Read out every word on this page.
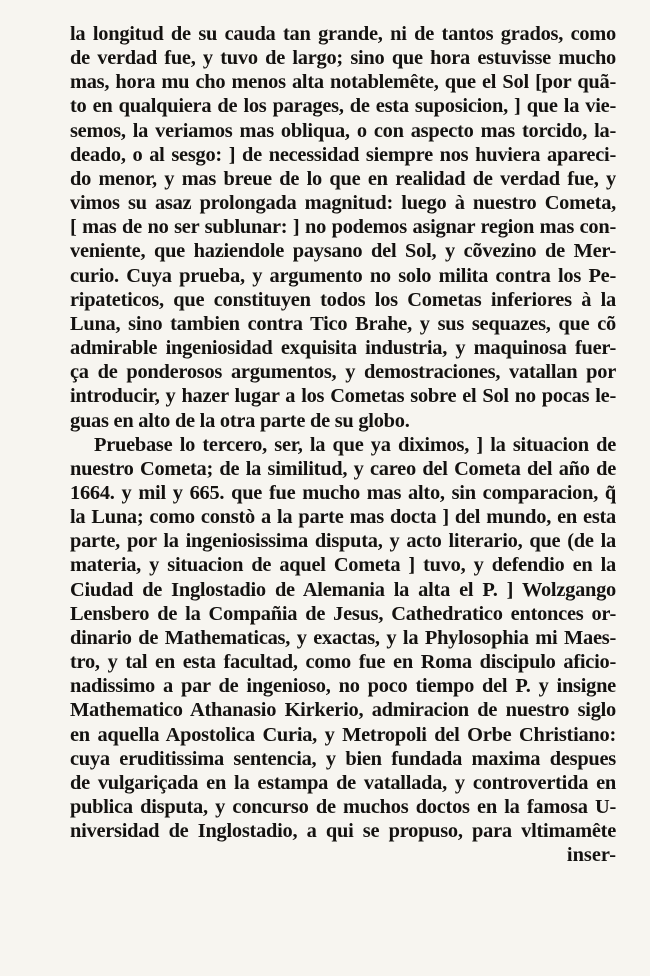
la longitud de su cauda tan grande, ni de tantos grados, como
de verdad fue, y tuvo de largo; sino que hora estuvisse mucho
mas, hora mu cho menos alta notablemête, que el Sol [por quã-
to en qualquiera de los parages, de esta suposicion, ] que la vie-
semos, la veriamos mas obliqua, o con aspecto mas torcido, la-
deado, o al sesgo: ] de necessidad siempre nos huviera apareci-
do menor, y mas breue de lo que en realidad de verdad fue, y
vimos su asaz prolongada magnitud: luego à nuestro Cometa,
[ mas de no ser sublunar: ] no podemos asignar region mas con-
veniente, que haziendole paysano del Sol, y cõvezino de Mer-
curio. Cuya prueba, y argumento no solo milita contra los Pe-
ripateticos, que constituyen todos los Cometas inferiores à la
Luna, sino tambien contra Tico Brahe, y sus sequazes, que cõ
admirable ingeniosidad exquisita industria, y maquinosa fuer-
ça de ponderosos argumentos, y demostraciones, vatallan por
introducir, y hazer lugar a los Cometas sobre el Sol no pocas le-
guas en alto de la otra parte de su globo.
Pruebase lo tercero, ser, la que ya diximos, ] la situacion de
nuestro Cometa; de la similitud, y careo del Cometa del año de
1664. y mil y 665. que fue mucho mas alto, sin comparacion, q̃
la Luna; como constò a la parte mas docta ] del mundo, en esta
parte, por la ingeniosissima disputa, y acto literario, que (de la
materia, y situacion de aquel Cometa ] tuvo, y defendio en la
Ciudad de Inglostadio de Alemania la alta el P. ] Wolzgango
Lensbero de la Compañia de Jesus, Cathedratico entonces or-
dinario de Mathematicas, y exactas, y la Phylosophia mi Maes-
tro, y tal en esta facultad, como fue en Roma discipulo aficio-
nadissimo a par de ingenioso, no poco tiempo del P. y insigne
Mathematico Athanasio Kirkerio, admiracion de nuestro siglo
en aquella Apostolica Curia, y Metropoli del Orbe Christiano:
cuya eruditissima sentencia, y bien fundada maxima despues
de vulgariçada en la estampa de vatallada, y controvertida en
publica disputa, y concurso de muchos doctos en la famosa U-
niversidad de Inglostadio, a qui se propuso, para vltimamête
inser-
